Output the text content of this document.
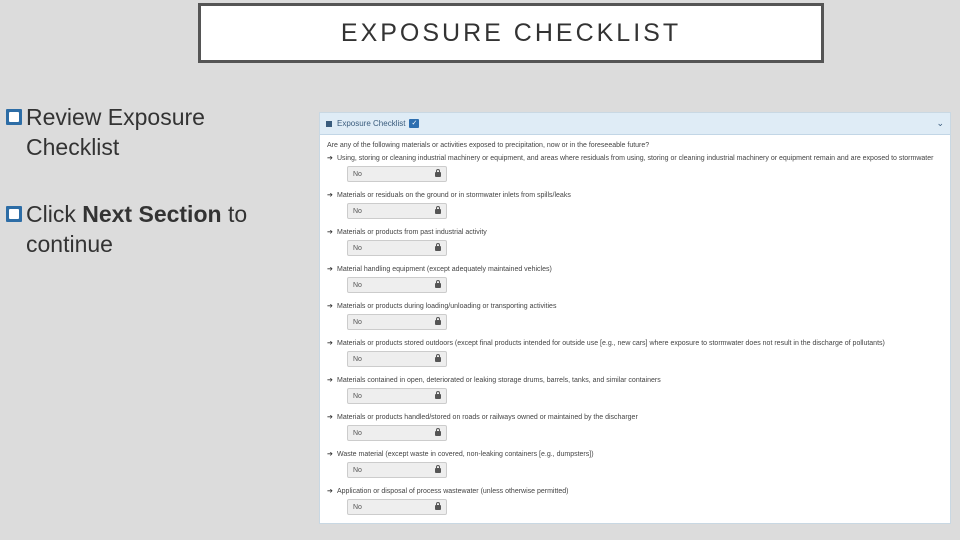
EXPOSURE CHECKLIST
Review Exposure Checklist
Click Next Section to continue
Exposure Checklist ✓	⌄
Are any of the following materials or activities exposed to precipitation, now or in the foreseeable future?
➔ Using, storing or cleaning industrial machinery or equipment, and areas where residuals from using, storing or cleaning industrial machinery or equipment remain and are exposed to stormwater
No
➔ Materials or residuals on the ground or in stormwater inlets from spills/leaks
No
➔ Materials or products from past industrial activity
No
➔ Material handling equipment (except adequately maintained vehicles)
No
➔ Materials or products during loading/unloading or transporting activities
No
➔ Materials or products stored outdoors (except final products intended for outside use [e.g., new cars] where exposure to stormwater does not result in the discharge of pollutants)
No
➔ Materials contained in open, deteriorated or leaking storage drums, barrels, tanks, and similar containers
No
➔ Materials or products handled/stored on roads or railways owned or maintained by the discharger
No
➔ Waste material (except waste in covered, non-leaking containers [e.g., dumpsters])
No
➔ Application or disposal of process wastewater (unless otherwise permitted)
No
